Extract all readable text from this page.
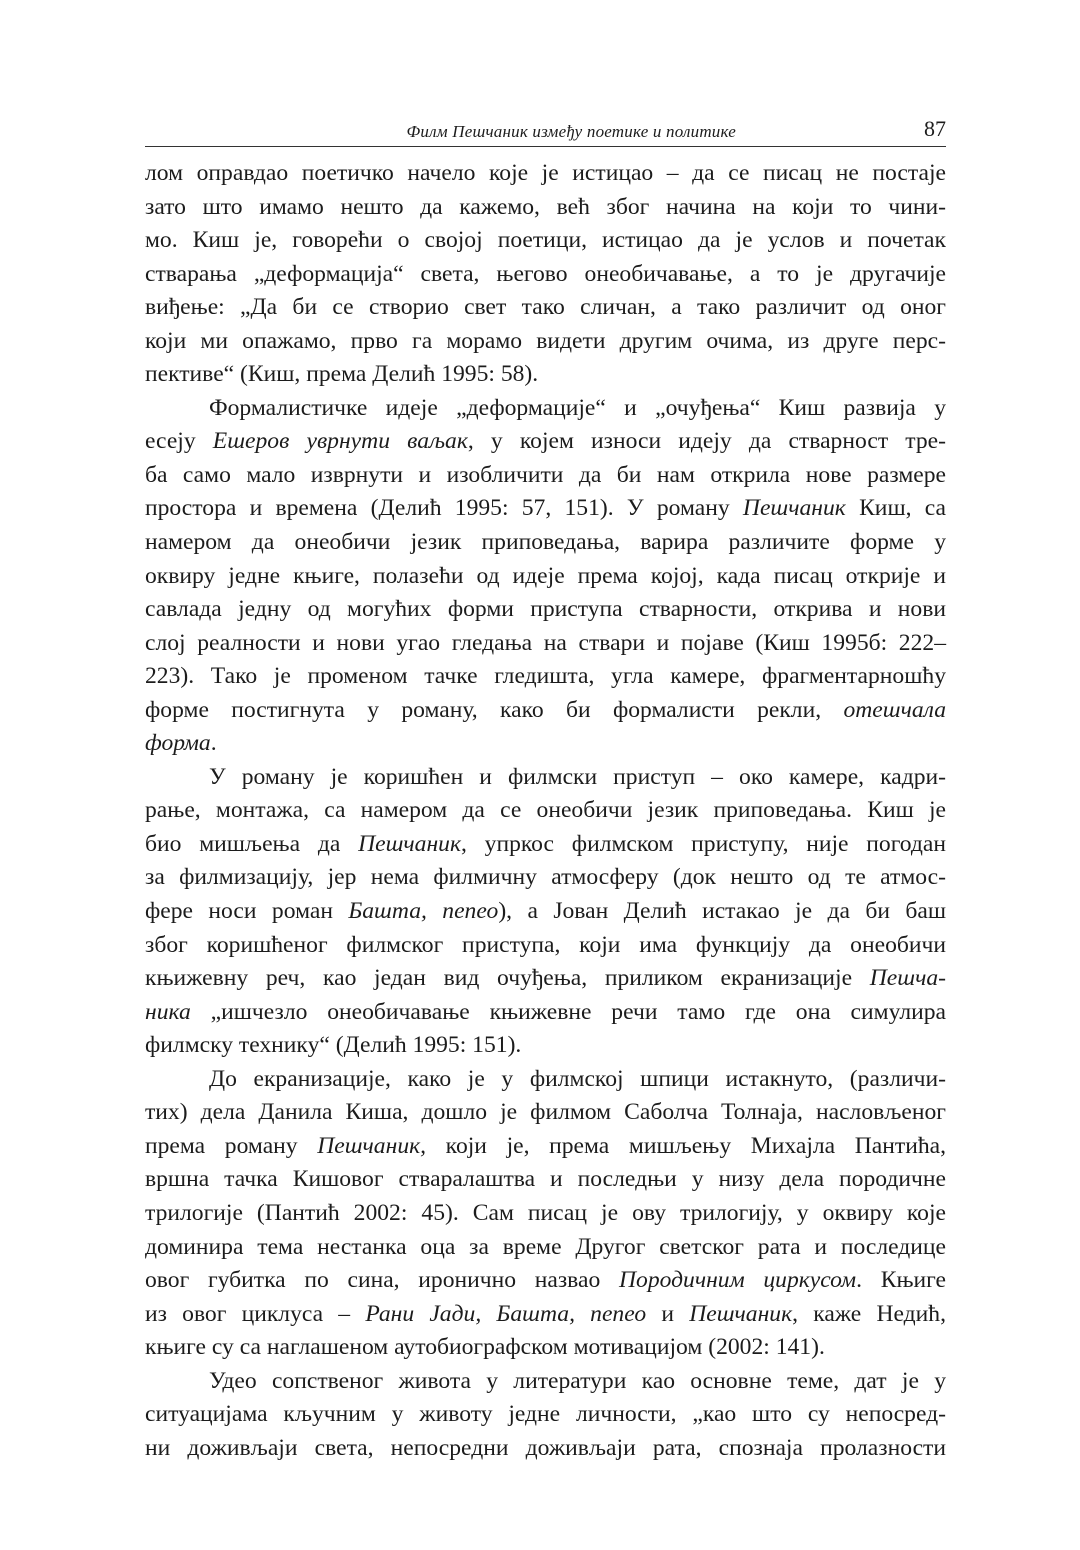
Филм Пешчаник између поетике и политике	87
лом оправдао поетичко начело које је истицао – да се писац не постаје
зато што имамо нешто да кажемо, већ због начина на који то чини-
мо. Киш је, говорећи о својој поетици, истицао да је услов и почетак
стварања „деформација“ света, његово онеобичавање, а то је другачије
виђење: „Да би се створио свет тако сличан, а тако различит од оног
који ми опажамо, прво га морамо видети другим очима, из друге перс-
пективе“ (Киш, према Делић 1995: 58).
Формалистичке идеје „деформације“ и „очуђења“ Киш развија у
есеју Ешеров уврнути ваљак, у којем износи идеју да стварност тре-
ба само мало изврнути и изобличити да би нам открила нове размере
простора и времена (Делић 1995: 57, 151). У роману Пешчаник Киш, са
намером да онеобичи језик приповедања, варира различите форме у
оквиру једне књиге, полазећи од идеје према којој, када писац открије и
савлада једну од могућих форми приступа стварности, открива и нови
слој реалности и нови угао гледања на ствари и појаве (Киш 1995б: 222–
223). Тако је променом тачке гледишта, угла камере, фрагментарношћу
форме постигнута у роману, како би формалисти рекли, отешчала
форма.
У роману је коришћен и филмски приступ – око камере, кадри-
рање, монтажа, са намером да се онеобичи језик приповедања. Киш је
био мишљења да Пешчаник, упркос филмском приступу, није погодан
за филмизацију, јер нема филмичну атмосферу (док нешто од те атмос-
фере носи роман Башта, пепео), а Јован Делић истакао је да би баш
због коришћеног филмског приступа, који има функцију да онеобичи
књижевну реч, као један вид очуђења, приликом екранизације Пешча-
ника „ишчезло онеобичавање књижевне речи тамо где она симулира
филмску технику“ (Делић 1995: 151).
До екранизације, како је у филмској шпици истакнуто, (различи-
тих) дела Данила Киша, дошло је филмом Саболча Толнаја, насловљеног
према роману Пешчаник, који је, према мишљењу Михајла Пантића,
вршна тачка Кишовог стваралаштва и последњи у низу дела породичне
трилогије (Пантић 2002: 45). Сам писац је ову трилогију, у оквиру које
доминира тема нестанка оца за време Другог светског рата и последице
овог губитка по сина, иронично назвао Породичним циркусом. Књиге
из овог циклуса – Рани Јади, Башта, пепео и Пешчаник, каже Недић,
књиге су са наглашеном аутобиографском мотивацијом (2002: 141).
Удео сопственог живота у литератури као основне теме, дат је у
ситуацијама кључним у животу једне личности, „као што су непосред-
ни доживљаји света, непосредни доживљаји рата, спознаја пролазности
